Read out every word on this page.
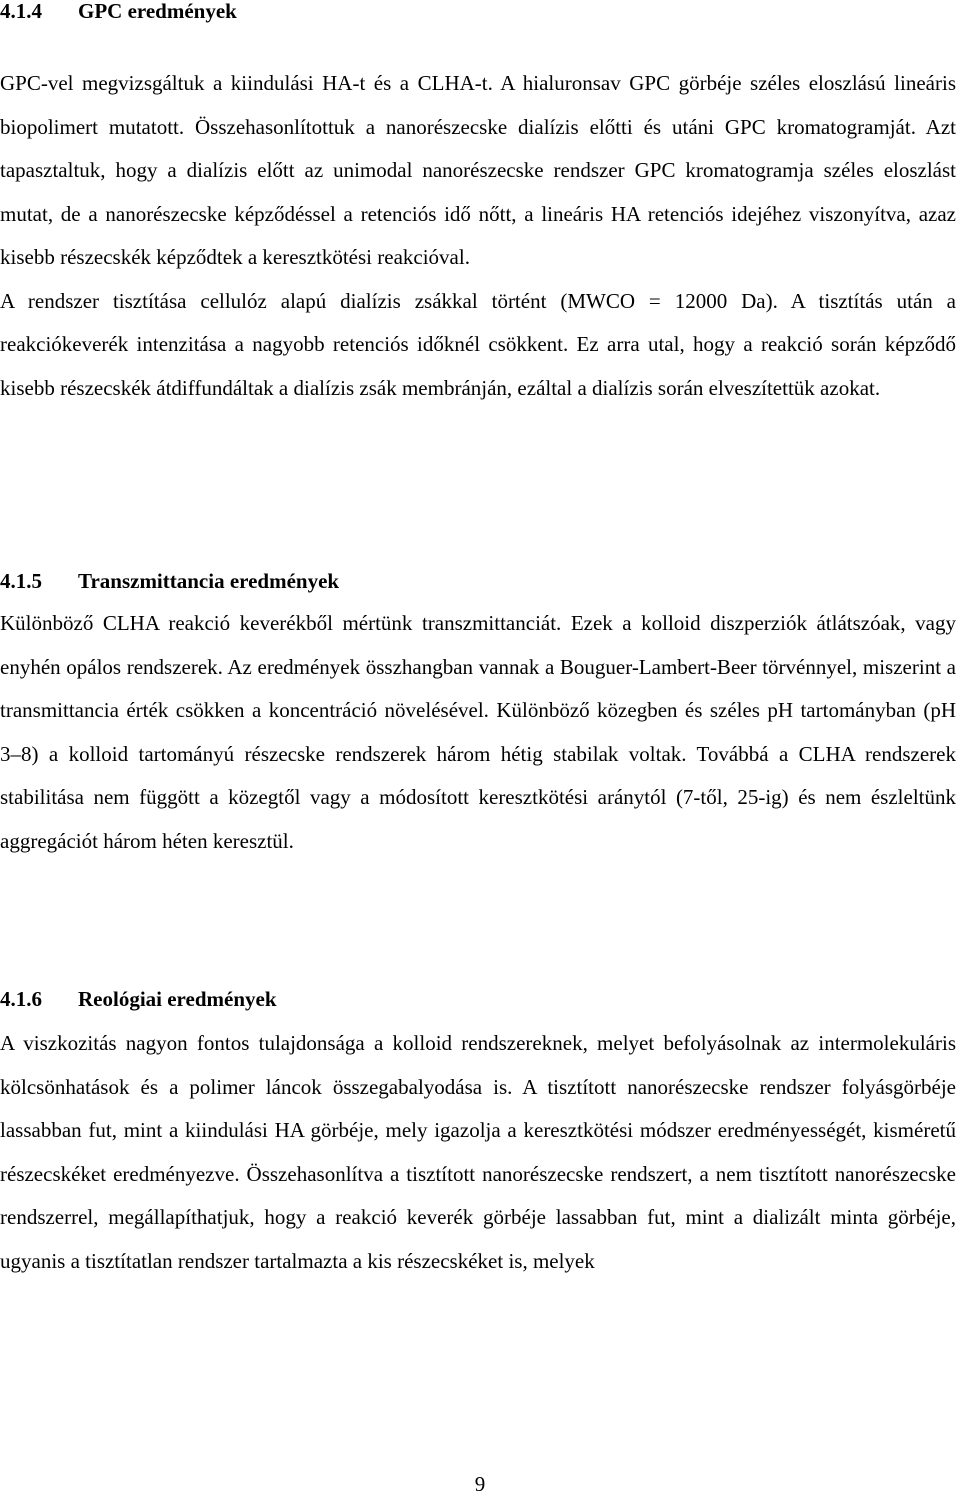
4.1.4 GPC eredmények
GPC-vel megvizsgáltuk a kiindulási HA-t és a CLHA-t. A hialuronsav GPC görbéje széles eloszlású lineáris biopolimert mutatott. Összehasonlítottuk a nanorészecske dialízis előtti és utáni GPC kromatogramját. Azt tapasztaltuk, hogy a dialízis előtt az unimodal nanorészecske rendszer GPC kromatogramja széles eloszlást mutat, de a nanorészecske képződéssel a retenciós idő nőtt, a lineáris HA retenciós idejéhez viszonyítva, azaz kisebb részecskék képződtek a keresztkötési reakcióval.
A rendszer tisztítása cellulóz alapú dialízis zsákkal történt (MWCO = 12000 Da). A tisztítás után a reakciókeverék intenzitása a nagyobb retenciós időknél csökkent. Ez arra utal, hogy a reakció során képződő kisebb részecskék átdiffundáltak a dialízis zsák membránján, ezáltal a dialízis során elveszítettük azokat.
4.1.5 Transzmittancia eredmények
Különböző CLHA reakció keverékből mértünk transzmittanciát. Ezek a kolloid diszperziók átlátszóak, vagy enyhén opálos rendszerek. Az eredmények összhangban vannak a Bouguer-Lambert-Beer törvénnyel, miszerint a transmittancia érték csökken a koncentráció növelésével. Különböző közegben és széles pH tartományban (pH 3–8) a kolloid tartományú részecske rendszerek három hétig stabilak voltak. Továbbá a CLHA rendszerek stabilitása nem függött a közegtől vagy a módosított keresztkötési aránytól (7-től, 25-ig) és nem észleltünk aggregációt három héten keresztül.
4.1.6 Reológiai eredmények
A viszkozitás nagyon fontos tulajdonsága a kolloid rendszereknek, melyet befolyásolnak az intermolekuláris kölcsönhatások és a polimer láncok összegabalyodása is. A tisztított nanorészecske rendszer folyásgörbéje lassabban fut, mint a kiindulási HA görbéje, mely igazolja a keresztkötési módszer eredményességét, kisméretű részecskéket eredményezve. Összehasonlítva a tisztított nanorészecske rendszert, a nem tisztított nanorészecske rendszerrel, megállapíthatjuk, hogy a reakció keverék görbéje lassabban fut, mint a dializált minta görbéje, ugyanis a tisztítatlan rendszer tartalmazta a kis részecskéket is, melyek
9
